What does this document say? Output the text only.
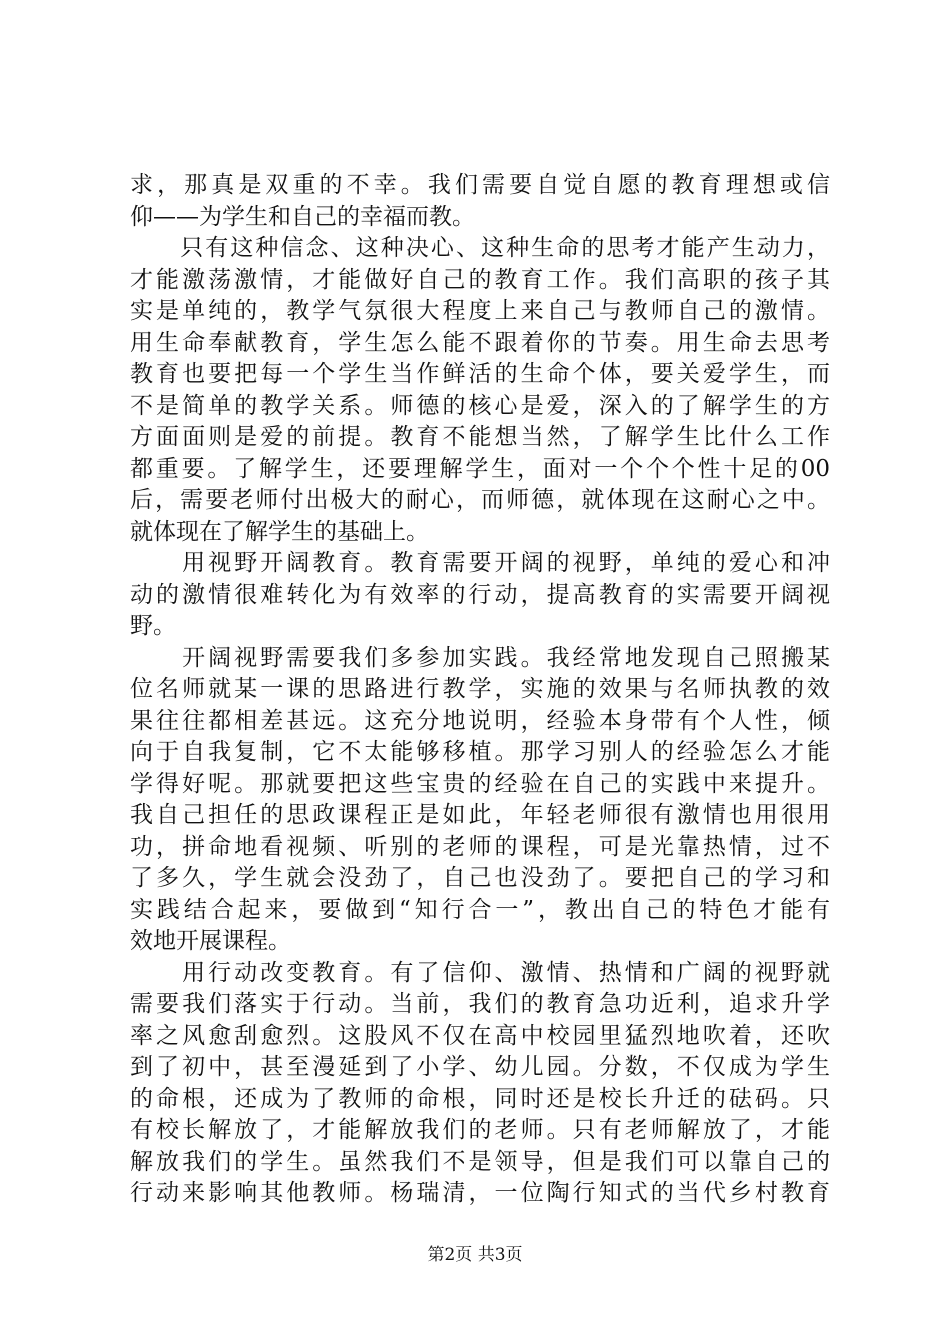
求，那真是双重的不幸。我们需要自觉自愿的教育理想或信
仰——为学生和自己的幸福而教。
　　只有这种信念、这种决心、这种生命的思考才能产生动力，
才能激荡激情，才能做好自己的教育工作。我们高职的孩子其
实是单纯的，教学气氛很大程度上来自己与教师自己的激情。
用生命奉献教育，学生怎么能不跟着你的节奏。用生命去思考
教育也要把每一个学生当作鲜活的生命个体，要关爱学生，而
不是简单的教学关系。师德的核心是爱，深入的了解学生的方
方面面则是爱的前提。教育不能想当然，了解学生比什么工作
都重要。了解学生，还要理解学生，面对一个个个性十足的00
后，需要老师付出极大的耐心，而师德，就体现在这耐心之中。
就体现在了解学生的基础上。
　　用视野开阔教育。教育需要开阔的视野，单纯的爱心和冲
动的激情很难转化为有效率的行动，提高教育的实需要开阔视
野。
　　开阔视野需要我们多参加实践。我经常地发现自己照搬某
位名师就某一课的思路进行教学，实施的效果与名师执教的效
果往往都相差甚远。这充分地说明，经验本身带有个人性，倾
向于自我复制，它不太能够移植。那学习别人的经验怎么才能
学得好呢。那就要把这些宝贵的经验在自己的实践中来提升。
我自己担任的思政课程正是如此，年轻老师很有激情也用很用
功，拼命地看视频、听别的老师的课程，可是光靠热情，过不
了多久，学生就会没劲了，自己也没劲了。要把自己的学习和
实践结合起来，要做到“知行合一”，教出自己的特色才能有
效地开展课程。
　　用行动改变教育。有了信仰、激情、热情和广阔的视野就
需要我们落实于行动。当前，我们的教育急功近利，追求升学
率之风愈刮愈烈。这股风不仅在高中校园里猛烈地吹着，还吹
到了初中，甚至漫延到了小学、幼儿园。分数，不仅成为学生
的命根，还成为了教师的命根，同时还是校长升迁的砝码。只
有校长解放了，才能解放我们的老师。只有老师解放了，才能
解放我们的学生。虽然我们不是领导，但是我们可以靠自己的
行动来影响其他教师。杨瑞清，一位陶行知式的当代乡村教育
第2页 共3页
